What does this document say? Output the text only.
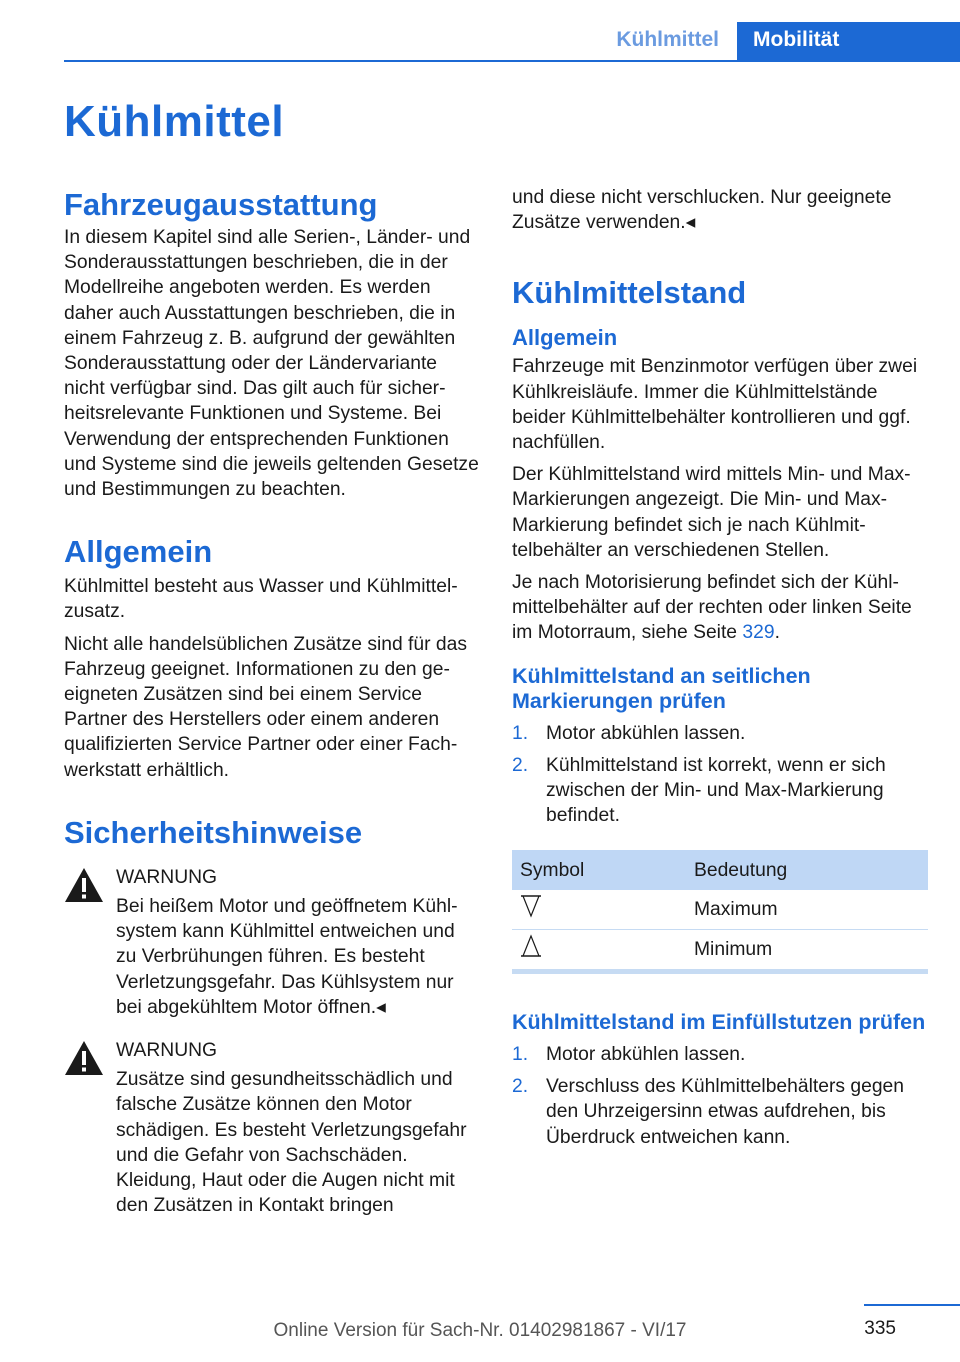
Kühlmittel Mobilität
Kühlmittel
Fahrzeugausstattung

In diesem Kapitel sind alle Serien-, Länder- und Sonderausstattungen beschrieben, die in der Modellreihe angeboten werden. Es werden daher auch Ausstattungen beschrieben, die in einem Fahrzeug z. B. aufgrund der gewählten Sonderausstattung oder der Ländervariante nicht verfügbar sind. Das gilt auch für sicherheitsrelevante Funktionen und Systeme. Bei Verwendung der entsprechenden Funktionen und Systeme sind die jeweils geltenden Gesetze und Bestimmungen zu beachten.

Allgemein

Kühlmittel besteht aus Wasser und Kühlmittelzusatz.

Nicht alle handelsüblichen Zusätze sind für das Fahrzeug geeignet. Informationen zu den geeigneten Zusätzen sind bei einem Service Partner des Herstellers oder einem anderen qualifizierten Service Partner oder einer Fachwerkstatt erhältlich.

Sicherheitshinweise
WARNUNG
Bei heißem Motor und geöffnetem Kühlsystem kann Kühlmittel entweichen und zu Verbrühungen führen. Es besteht Verletzungsgefahr. Das Kühlsystem nur bei abgekühltem Motor öffnen.◂
WARNUNG
Zusätze sind gesundheitsschädlich und falsche Zusätze können den Motor schädigen. Es besteht Verletzungsgefahr und die Gefahr von Sachschäden. Kleidung, Haut oder die Augen nicht mit den Zusätzen in Kontakt bringen

und diese nicht verschlucken. Nur geeignete Zusätze verwenden.◂

Kühlmittelstand
Allgemein

Fahrzeuge mit Benzinmotor verfügen über zwei Kühlkreisläufe. Immer die Kühlmittelstände beider Kühlmittelbehälter kontrollieren und ggf. nachfüllen.

Der Kühlmittelstand wird mittels Min- und Max-Markierungen angezeigt. Die Min- und Max-Markierung befindet sich je nach Kühlmittelbehälter an verschiedenen Stellen.

Je nach Motorisierung befindet sich der Kühlmittelbehälter auf der rechten oder linken Seite im Motorraum, siehe Seite 329.

Kühlmittelstand an seitlichen Markierungen prüfen
1. Motor abkühlen lassen.
2. Kühlmittelstand ist korrekt, wenn er sich zwischen der Min- und Max-Markierung befindet.
Symbol	Bedeutung
	Maximum
	Minimum
Kühlmittelstand im Einfüllstutzen prüfen
1. Motor abkühlen lassen.
2. Verschluss des Kühlmittelbehälters gegen den Uhrzeigersinn etwas aufdrehen, bis Überdruck entweichen kann.
335
Online Version für Sach-Nr. 01402981867 - VI/17
